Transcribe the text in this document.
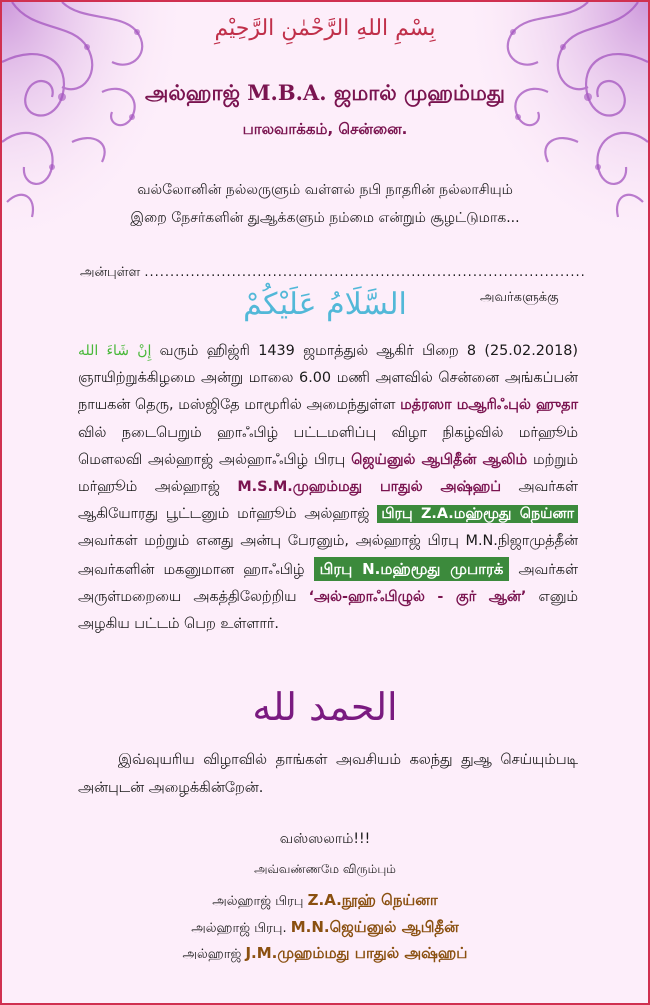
بِسْمِ اللهِ الرَّحْمٰنِ الرَّحِيْمِ
அல்ஹாஜ் M.B.A. ஜமால் முஹம்மது
பாலவாக்கம், சென்னை.
வல்லோனின் நல்லருளும் வள்ளல் நபி நாதரின் நல்லாசியும்
இறை நேசர்களின் துஆக்களும் நம்மை என்றும் சூழட்டுமாக...
அன்புள்ள ......................................................................................
السَّلَامُ عَلَيْكُمْ	அவர்களுக்கு
إِنْ شَاءَ الله வரும் ஹிஜ்ரி 1439 ஜமாத்துல் ஆகிர் பிறை 8 (25.02.2018) ஞாயிற்றுக்கிழமை அன்று மாலை 6.00 மணி அளவில் சென்னை அங்கப்பன் நாயகன் தெரு, மஸ்ஜிதே மாமூரில் அமைந்துள்ள மத்ரஸா மஆரிஃபுல் ஹுதா வில் நடைபெறும் ஹாஃபிழ் பட்டமளிப்பு விழா நிகழ்வில் மர்ஹூம் மௌலவி அல்ஹாஜ் அல்ஹாஃபிழ் பிரபு ஜெய்னுல் ஆபிதீன் ஆலிம் மற்றும் மர்ஹூம் அல்ஹாஜ் M.S.M.முஹம்மது பாதுல் அஷ்ஹப் அவர்கள் ஆகியோரது பூட்டனும் மர்ஹூம் அல்ஹாஜ் பிரபு Z.A.மஹ்மூது நெய்னா அவர்கள் மற்றும் எனது அன்பு பேரனும், அல்ஹாஜ் பிரபு M.N.நிஜாமுத்தீன் அவர்களின் மகனுமான ஹாஃபிழ் பிரபு N.மஹ்மூது முபாரக் அவர்கள் அருள்மறையை அகத்திலேற்றிய ‘அல்-ஹாஃபிழுல் - குர் ஆன்’ எனும் அழகிய பட்டம் பெற உள்ளார்.
الحمد لله
இவ்வுயரிய விழாவில் தாங்கள் அவசியம் கலந்து துஆ செய்யும்படி அன்புடன் அழைக்கின்றேன்.
வஸ்ஸலாம்!!!
அவ்வண்ணமே விரும்பும்
அல்ஹாஜ் பிரபு Z.A.நூஹ் நெய்னா
அல்ஹாஜ் பிரபு. M.N.ஜெய்னுல் ஆபிதீன்
அல்ஹாஜ் J.M.முஹம்மது பாதுல் அஷ்ஹப்
